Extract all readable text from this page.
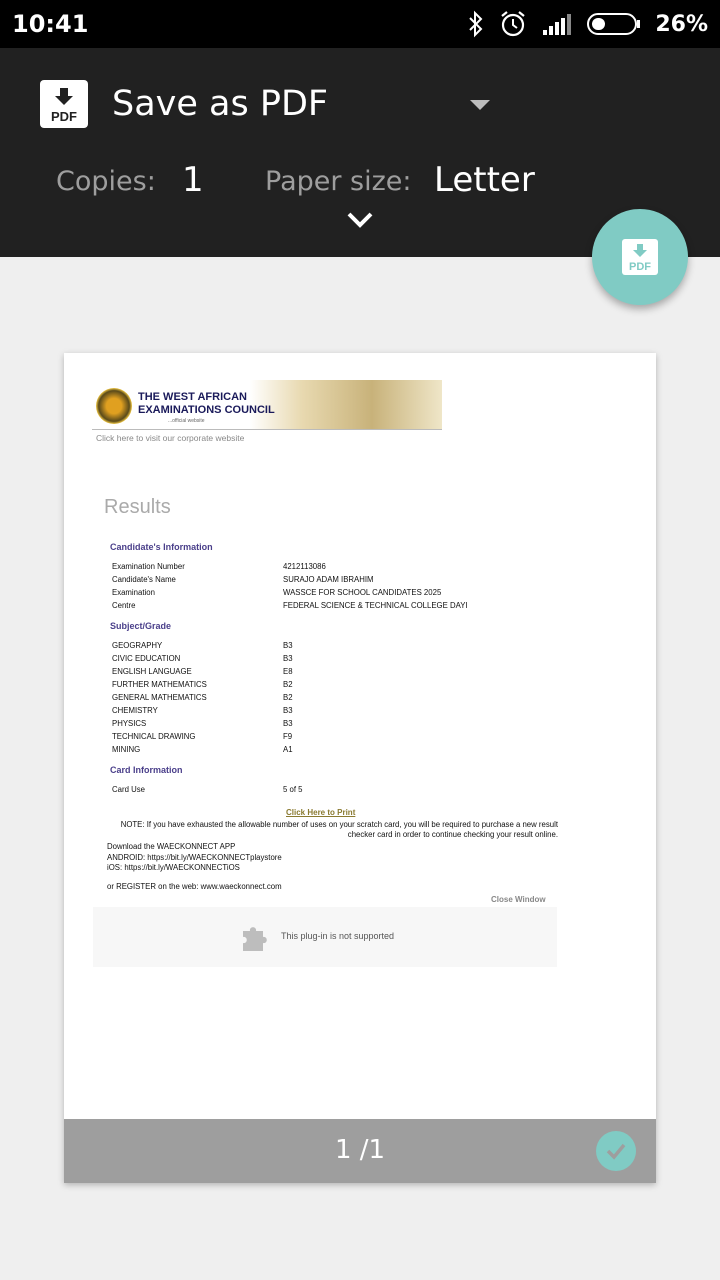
10:41	26%
PDF Save as PDF
Copies: 1 Paper size: Letter
PDF
THE WEST AFRICAN EXAMINATIONS COUNCIL
...official website
Click here to visit our corporate website
Results
Candidate's Information
Examination Number	4212113086
Candidate's Name	SURAJO ADAM IBRAHIM
Examination	WASSCE FOR SCHOOL CANDIDATES 2025
Centre	FEDERAL SCIENCE & TECHNICAL COLLEGE DAYI
Subject/Grade
GEOGRAPHY	B3
CIVIC EDUCATION	B3
ENGLISH LANGUAGE	E8
FURTHER MATHEMATICS	B2
GENERAL MATHEMATICS	B2
CHEMISTRY	B3
PHYSICS	B3
TECHNICAL DRAWING	F9
MINING	A1
Card Information
Card Use	5 of 5
Click Here to Print
NOTE: If you have exhausted the allowable number of uses on your scratch card, you will be required to purchase a new result checker card in order to continue checking your result online.
Download the WAECKONNECT APP
ANDROID: https://bit.ly/WAECKONNECTplaystore
iOS: https://bit.ly/WAECKONNECTiOS
or REGISTER on the web: www.waeckonnect.com
Close Window
This plug-in is not supported
1 /1
